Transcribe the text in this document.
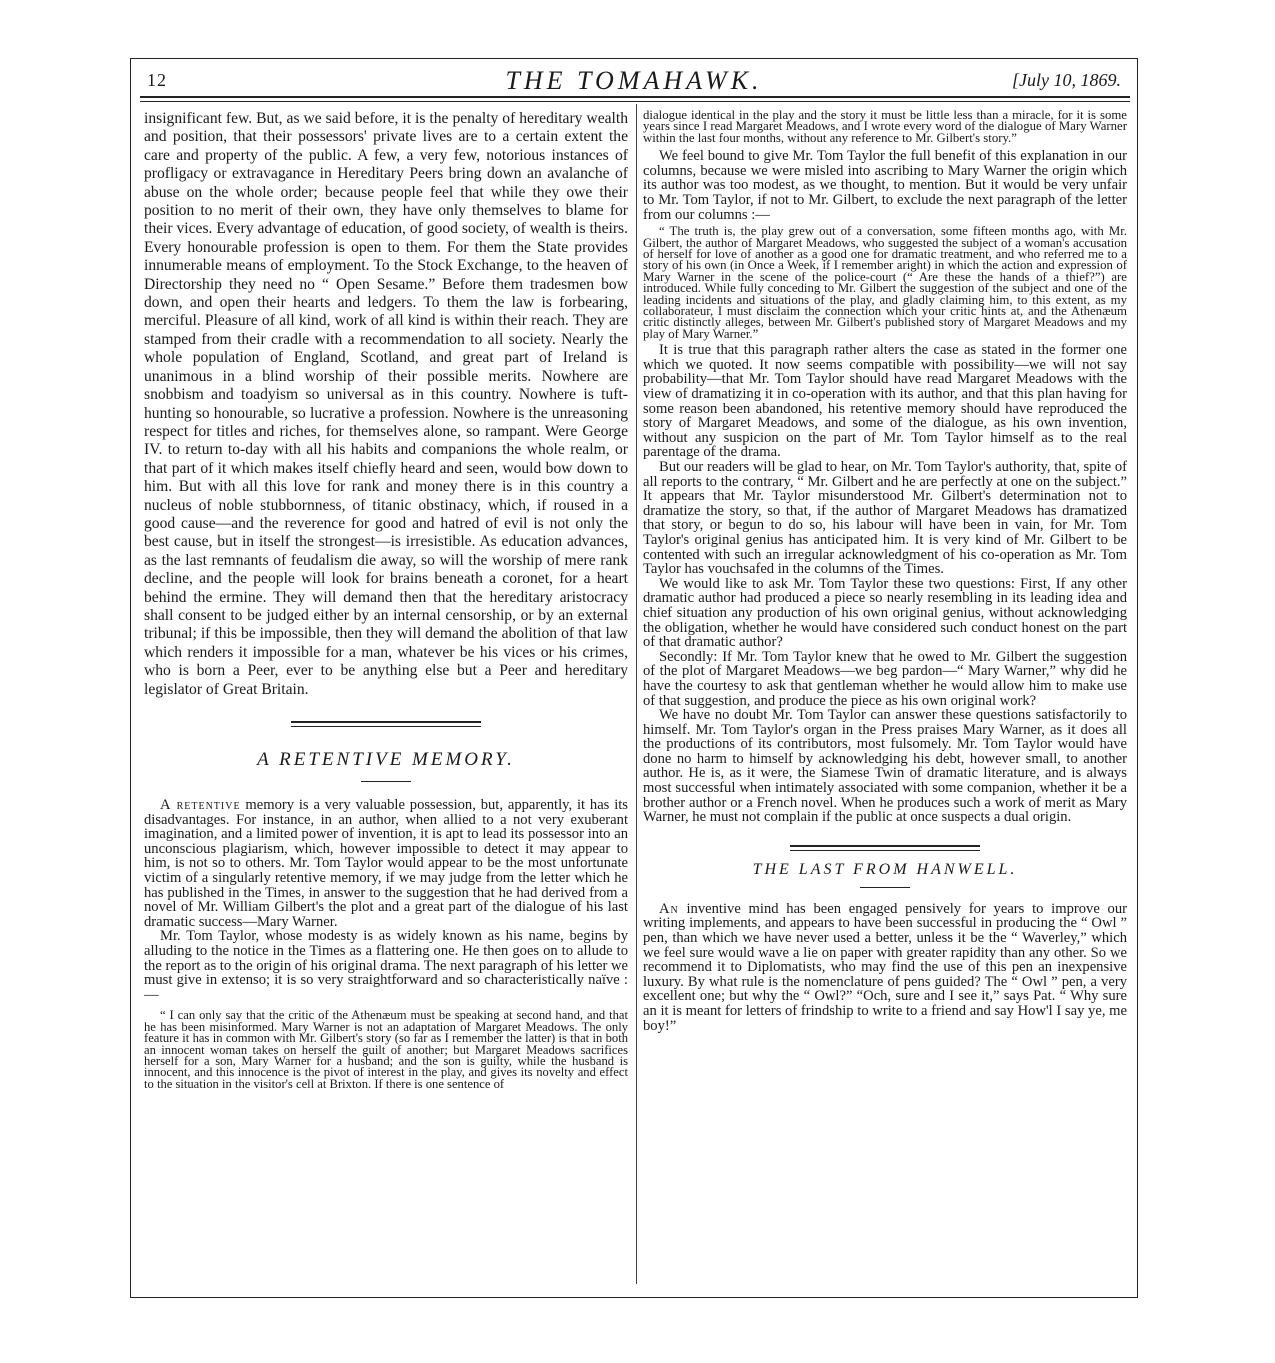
12	THE TOMAHAWK.	[July 10, 1869.

insignificant few. But, as we said before, it is the penalty of hereditary wealth and position, that their possessors' private lives are to a certain extent the care and property of the public. A few, a very few, notorious instances of profligacy or extravagance in Hereditary Peers bring down an avalanche of abuse on the whole order; because people feel that while they owe their position to no merit of their own, they have only themselves to blame for their vices. Every advantage of education, of good society, of wealth is theirs. Every honourable profession is open to them. For them the State provides innumerable means of employment. To the Stock Exchange, to the heaven of Directorship they need no “ Open Sesame.” Before them tradesmen bow down, and open their hearts and ledgers. To them the law is forbearing, merciful. Pleasure of all kind, work of all kind is within their reach. They are stamped from their cradle with a recommendation to all society. Nearly the whole population of England, Scotland, and great part of Ireland is unanimous in a blind worship of their possible merits. Nowhere are snobbism and toadyism so universal as in this country. Nowhere is tuft-hunting so honourable, so lucrative a profession. Nowhere is the unreasoning respect for titles and riches, for themselves alone, so rampant. Were George IV. to return to-day with all his habits and companions the whole realm, or that part of it which makes itself chiefly heard and seen, would bow down to him. But with all this love for rank and money there is in this country a nucleus of noble stubbornness, of titanic obstinacy, which, if roused in a good cause—and the reverence for good and hatred of evil is not only the best cause, but in itself the strongest—is irresistible. As education advances, as the last remnants of feudalism die away, so will the worship of mere rank decline, and the people will look for brains beneath a coronet, for a heart behind the ermine. They will demand then that the hereditary aristocracy shall consent to be judged either by an internal censorship, or by an external tribunal; if this be impossible, then they will demand the abolition of that law which renders it impossible for a man, whatever be his vices or his crimes, who is born a Peer, ever to be anything else but a Peer and hereditary legislator of Great Britain.

A RETENTIVE MEMORY.

A retentive memory is a very valuable possession, but, apparently, it has its disadvantages. For instance, in an author, when allied to a not very exuberant imagination, and a limited power of invention, it is apt to lead its possessor into an unconscious plagiarism, which, however impossible to detect it may appear to him, is not so to others. Mr. Tom Taylor would appear to be the most unfortunate victim of a singularly retentive memory, if we may judge from the letter which he has published in the Times, in answer to the suggestion that he had derived from a novel of Mr. William Gilbert's the plot and a great part of the dialogue of his last dramatic success—Mary Warner.

Mr. Tom Taylor, whose modesty is as widely known as his name, begins by alluding to the notice in the Times as a flattering one. He then goes on to allude to the report as to the origin of his original drama. The next paragraph of his letter we must give in extenso; it is so very straightforward and so characteristically naïve :—

“ I can only say that the critic of the Athenæum must be speaking at second hand, and that he has been misinformed. Mary Warner is not an adaptation of Margaret Meadows. The only feature it has in common with Mr. Gilbert's story (so far as I remember the latter) is that in both an innocent woman takes on herself the guilt of another; but Margaret Meadows sacrifices herself for a son, Mary Warner for a husband; and the son is guilty, while the husband is innocent, and this innocence is the pivot of interest in the play, and gives its novelty and effect to the situation in the visitor's cell at Brixton. If there is one sentence of

dialogue identical in the play and the story it must be little less than a miracle, for it is some years since I read Margaret Meadows, and I wrote every word of the dialogue of Mary Warner within the last four months, without any reference to Mr. Gilbert's story.”

We feel bound to give Mr. Tom Taylor the full benefit of this explanation in our columns, because we were misled into ascribing to Mary Warner the origin which its author was too modest, as we thought, to mention. But it would be very unfair to Mr. Tom Taylor, if not to Mr. Gilbert, to exclude the next paragraph of the letter from our columns :—

“ The truth is, the play grew out of a conversation, some fifteen months ago, with Mr. Gilbert, the author of Margaret Meadows, who suggested the subject of a woman's accusation of herself for love of another as a good one for dramatic treatment, and who referred me to a story of his own (in Once a Week, if I remember aright) in which the action and expression of Mary Warner in the scene of the police-court (“ Are these the hands of a thief?”) are introduced. While fully conceding to Mr. Gilbert the suggestion of the subject and one of the leading incidents and situations of the play, and gladly claiming him, to this extent, as my collaborateur, I must disclaim the connection which your critic hints at, and the Athenæum critic distinctly alleges, between Mr. Gilbert's published story of Margaret Meadows and my play of Mary Warner.”

It is true that this paragraph rather alters the case as stated in the former one which we quoted. It now seems compatible with possibility—we will not say probability—that Mr. Tom Taylor should have read Margaret Meadows with the view of dramatizing it in co-operation with its author, and that this plan having for some reason been abandoned, his retentive memory should have reproduced the story of Margaret Meadows, and some of the dialogue, as his own invention, without any suspicion on the part of Mr. Tom Taylor himself as to the real parentage of the drama.

But our readers will be glad to hear, on Mr. Tom Taylor's authority, that, spite of all reports to the contrary, “ Mr. Gilbert and he are perfectly at one on the subject.” It appears that Mr. Taylor misunderstood Mr. Gilbert's determination not to dramatize the story, so that, if the author of Margaret Meadows has dramatized that story, or begun to do so, his labour will have been in vain, for Mr. Tom Taylor's original genius has anticipated him. It is very kind of Mr. Gilbert to be contented with such an irregular acknowledgment of his co-operation as Mr. Tom Taylor has vouchsafed in the columns of the Times.

We would like to ask Mr. Tom Taylor these two questions: First, If any other dramatic author had produced a piece so nearly resembling in its leading idea and chief situation any production of his own original genius, without acknowledging the obligation, whether he would have considered such conduct honest on the part of that dramatic author?

Secondly: If Mr. Tom Taylor knew that he owed to Mr. Gilbert the suggestion of the plot of Margaret Meadows—we beg pardon—“ Mary Warner,” why did he have the courtesy to ask that gentleman whether he would allow him to make use of that suggestion, and produce the piece as his own original work?

We have no doubt Mr. Tom Taylor can answer these questions satisfactorily to himself. Mr. Tom Taylor's organ in the Press praises Mary Warner, as it does all the productions of its contributors, most fulsomely. Mr. Tom Taylor would have done no harm to himself by acknowledging his debt, however small, to another author. He is, as it were, the Siamese Twin of dramatic literature, and is always most successful when intimately associated with some companion, whether it be a brother author or a French novel. When he produces such a work of merit as Mary Warner, he must not complain if the public at once suspects a dual origin.

THE LAST FROM HANWELL.

An inventive mind has been engaged pensively for years to improve our writing implements, and appears to have been successful in producing the “ Owl ” pen, than which we have never used a better, unless it be the “ Waverley,” which we feel sure would wave a lie on paper with greater rapidity than any other. So we recommend it to Diplomatists, who may find the use of this pen an inexpensive luxury. By what rule is the nomenclature of pens guided? The “ Owl ” pen, a very excellent one; but why the “ Owl?” “Och, sure and I see it,” says Pat. “ Why sure an it is meant for letters of frindship to write to a friend and say How'l I say ye, me boy!”
